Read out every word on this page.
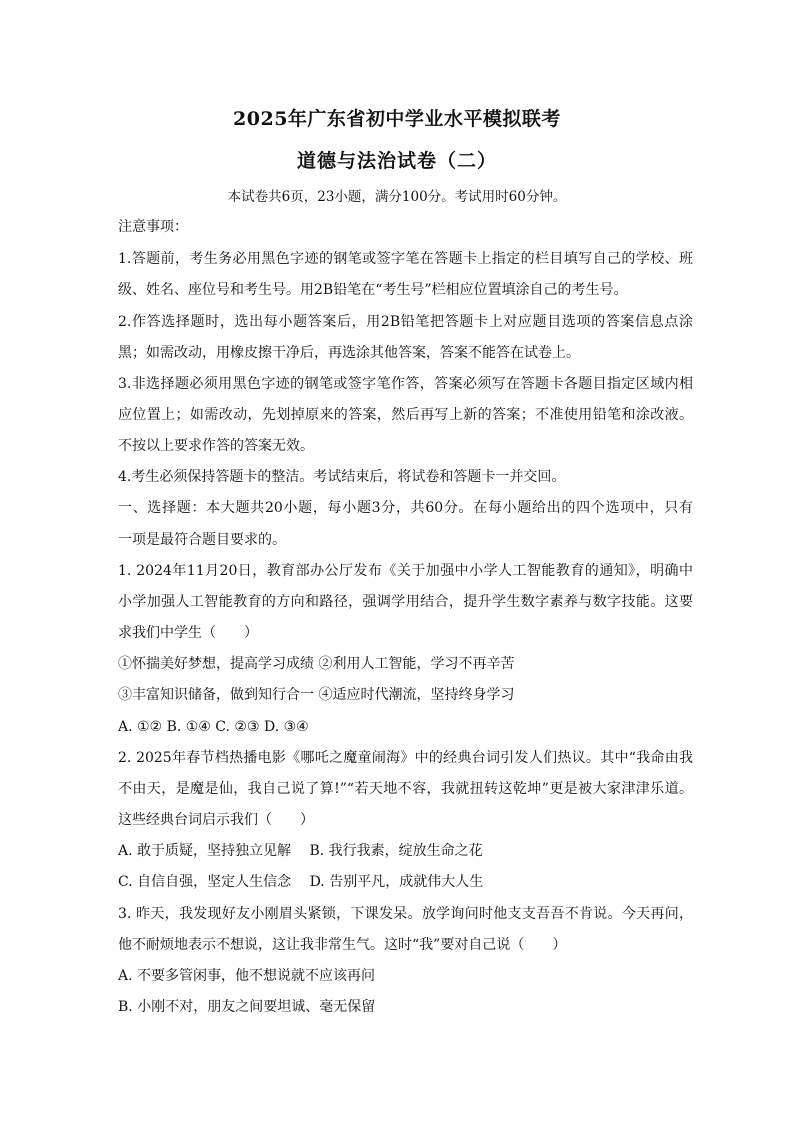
2025年广东省初中学业水平模拟联考
道德与法治试卷（二）
本试卷共6页，23小题，满分100分。考试用时60分钟。
注意事项：
1.答题前，考生务必用黑色字迹的钢笔或签字笔在答题卡上指定的栏目填写自己的学校、班
级、姓名、座位号和考生号。用2B铅笔在“考生号”栏相应位置填涂自己的考生号。
2.作答选择题时，选出每小题答案后，用2B铅笔把答题卡上对应题目选项的答案信息点涂
黑；如需改动，用橡皮擦干净后，再选涂其他答案，答案不能答在试卷上。
3.非选择题必须用黑色字迹的钢笔或签字笔作答，答案必须写在答题卡各题目指定区域内相
应位置上；如需改动，先划掉原来的答案，然后再写上新的答案；不准使用铅笔和涂改液。
不按以上要求作答的答案无效。
4.考生必须保持答题卡的整洁。考试结束后，将试卷和答题卡一并交回。
一、选择题：本大题共20小题，每小题3分，共60分。在每小题给出的四个选项中，只有
一项是最符合题目要求的。
1. 2024年11月20日，教育部办公厅发布《关于加强中小学人工智能教育的通知》，明确中
小学加强人工智能教育的方向和路径，强调学用结合，提升学生数字素养与数字技能。这要
求我们中学生（　　）
①怀揣美好梦想，提高学习成绩 ②利用人工智能，学习不再辛苦
③丰富知识储备，做到知行合一 ④适应时代潮流，坚持终身学习
A. ①② B. ①④ C. ②③ D. ③④
2. 2025年春节档热播电影《哪吒之魔童闹海》中的经典台词引发人们热议。其中“我命由我
不由天，是魔是仙，我自己说了算!”“若天地不容，我就扭转这乾坤”更是被大家津津乐道。
这些经典台词启示我们（　　）
A. 敢于质疑，坚持独立见解　 B. 我行我素，绽放生命之花
C. 自信自强，坚定人生信念　 D. 告别平凡，成就伟大人生
3. 昨天，我发现好友小刚眉头紧锁，下课发呆。放学询问时他支支吾吾不肯说。今天再问，
他不耐烦地表示不想说，这让我非常生气。这时“我”要对自己说（　　）
A. 不要多管闲事，他不想说就不应该再问
B. 小刚不对，朋友之间要坦诚、毫无保留
